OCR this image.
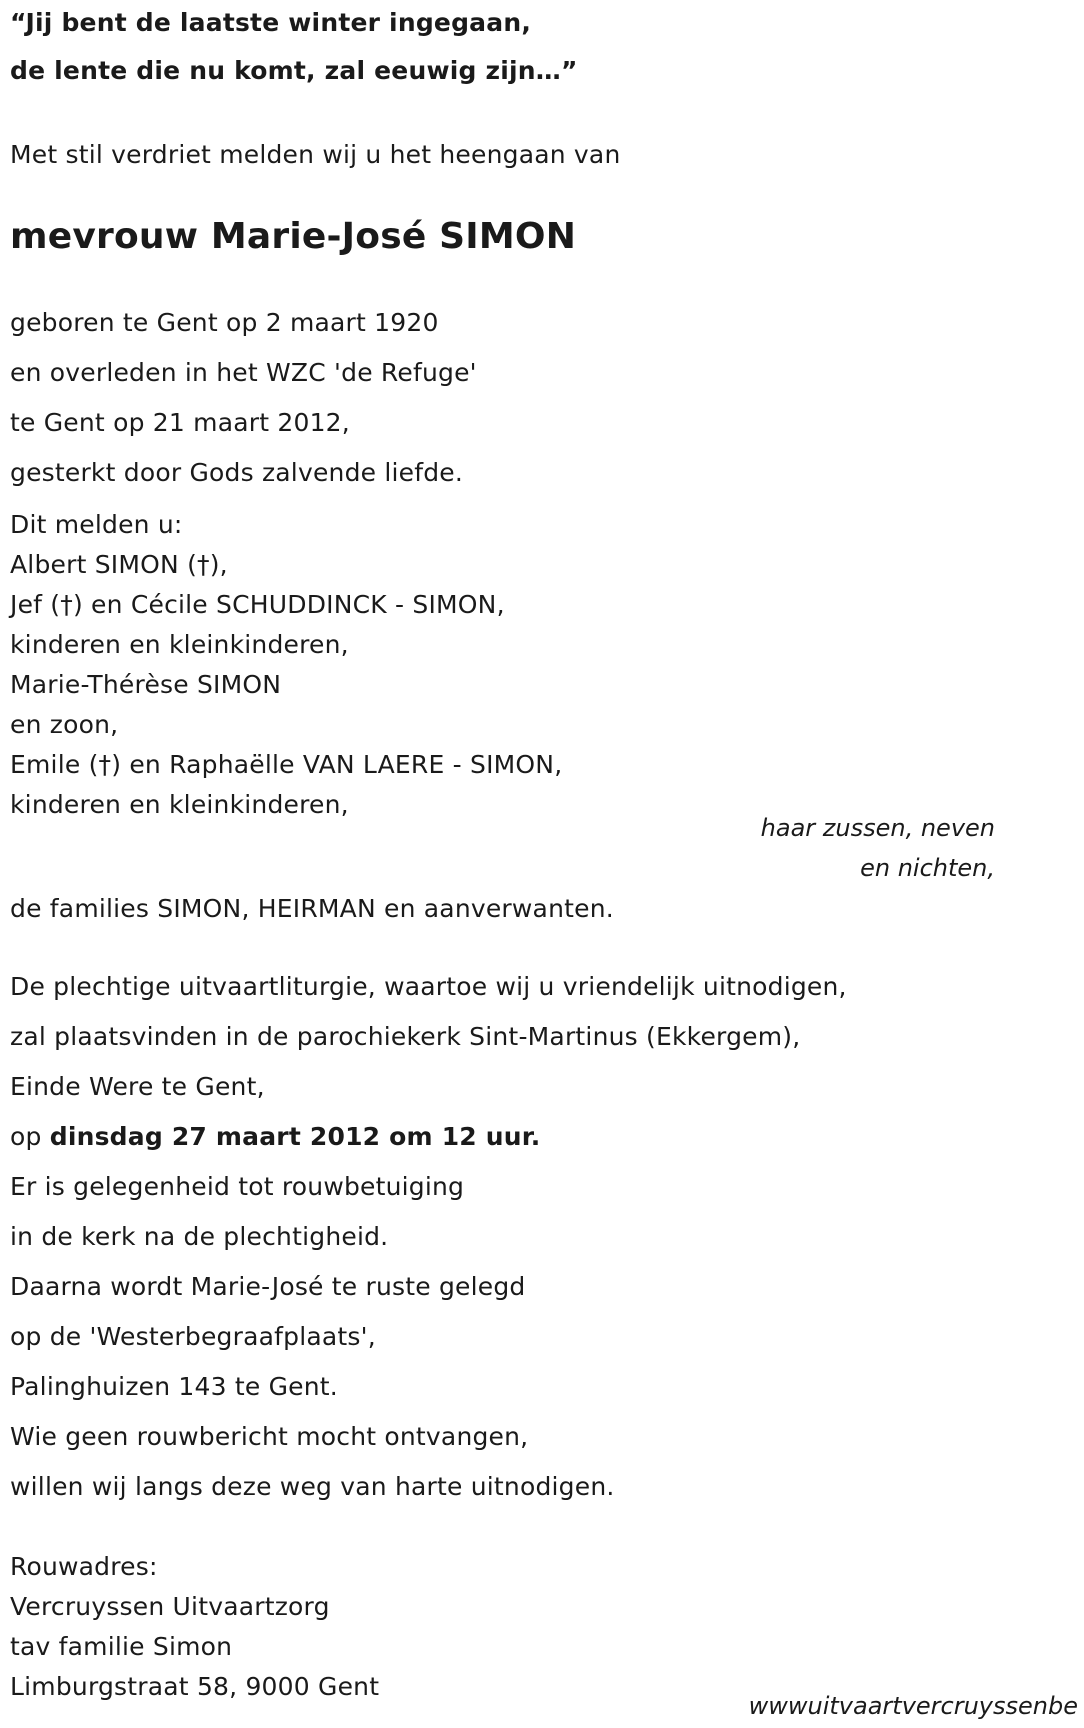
“Jij bent de laatste winter ingegaan,
de lente die nu komt, zal eeuwig zijn…”
Met stil verdriet melden wij u het heengaan van
mevrouw Marie-José SIMON
geboren te Gent op 2 maart 1920
en overleden in het WZC 'de Refuge'
te Gent op 21 maart 2012,
gesterkt door Gods zalvende liefde.
Dit melden u:
Albert SIMON (†),
Jef (†) en Cécile SCHUDDINCK - SIMON,
kinderen en kleinkinderen,
Marie-Thérèse SIMON
en zoon,
Emile (†) en Raphaëlle VAN LAERE - SIMON,
kinderen en kleinkinderen,
haar zussen, neven
en nichten,
de families SIMON, HEIRMAN en aanverwanten.
De plechtige uitvaartliturgie, waartoe wij u vriendelijk uitnodigen,
zal plaatsvinden in de parochiekerk Sint-Martinus (Ekkergem),
Einde Were te Gent,
op dinsdag 27 maart 2012 om 12 uur.
Er is gelegenheid tot rouwbetuiging
in de kerk na de plechtigheid.
Daarna wordt Marie-José te ruste gelegd
op de 'Westerbegraafplaats',
Palinghuizen 143 te Gent.
Wie geen rouwbericht mocht ontvangen,
willen wij langs deze weg van harte uitnodigen.
Rouwadres:
Vercruyssen Uitvaartzorg
tav familie Simon
Limburgstraat 58, 9000 Gent
wwwuitvaartvercruyssenbe
